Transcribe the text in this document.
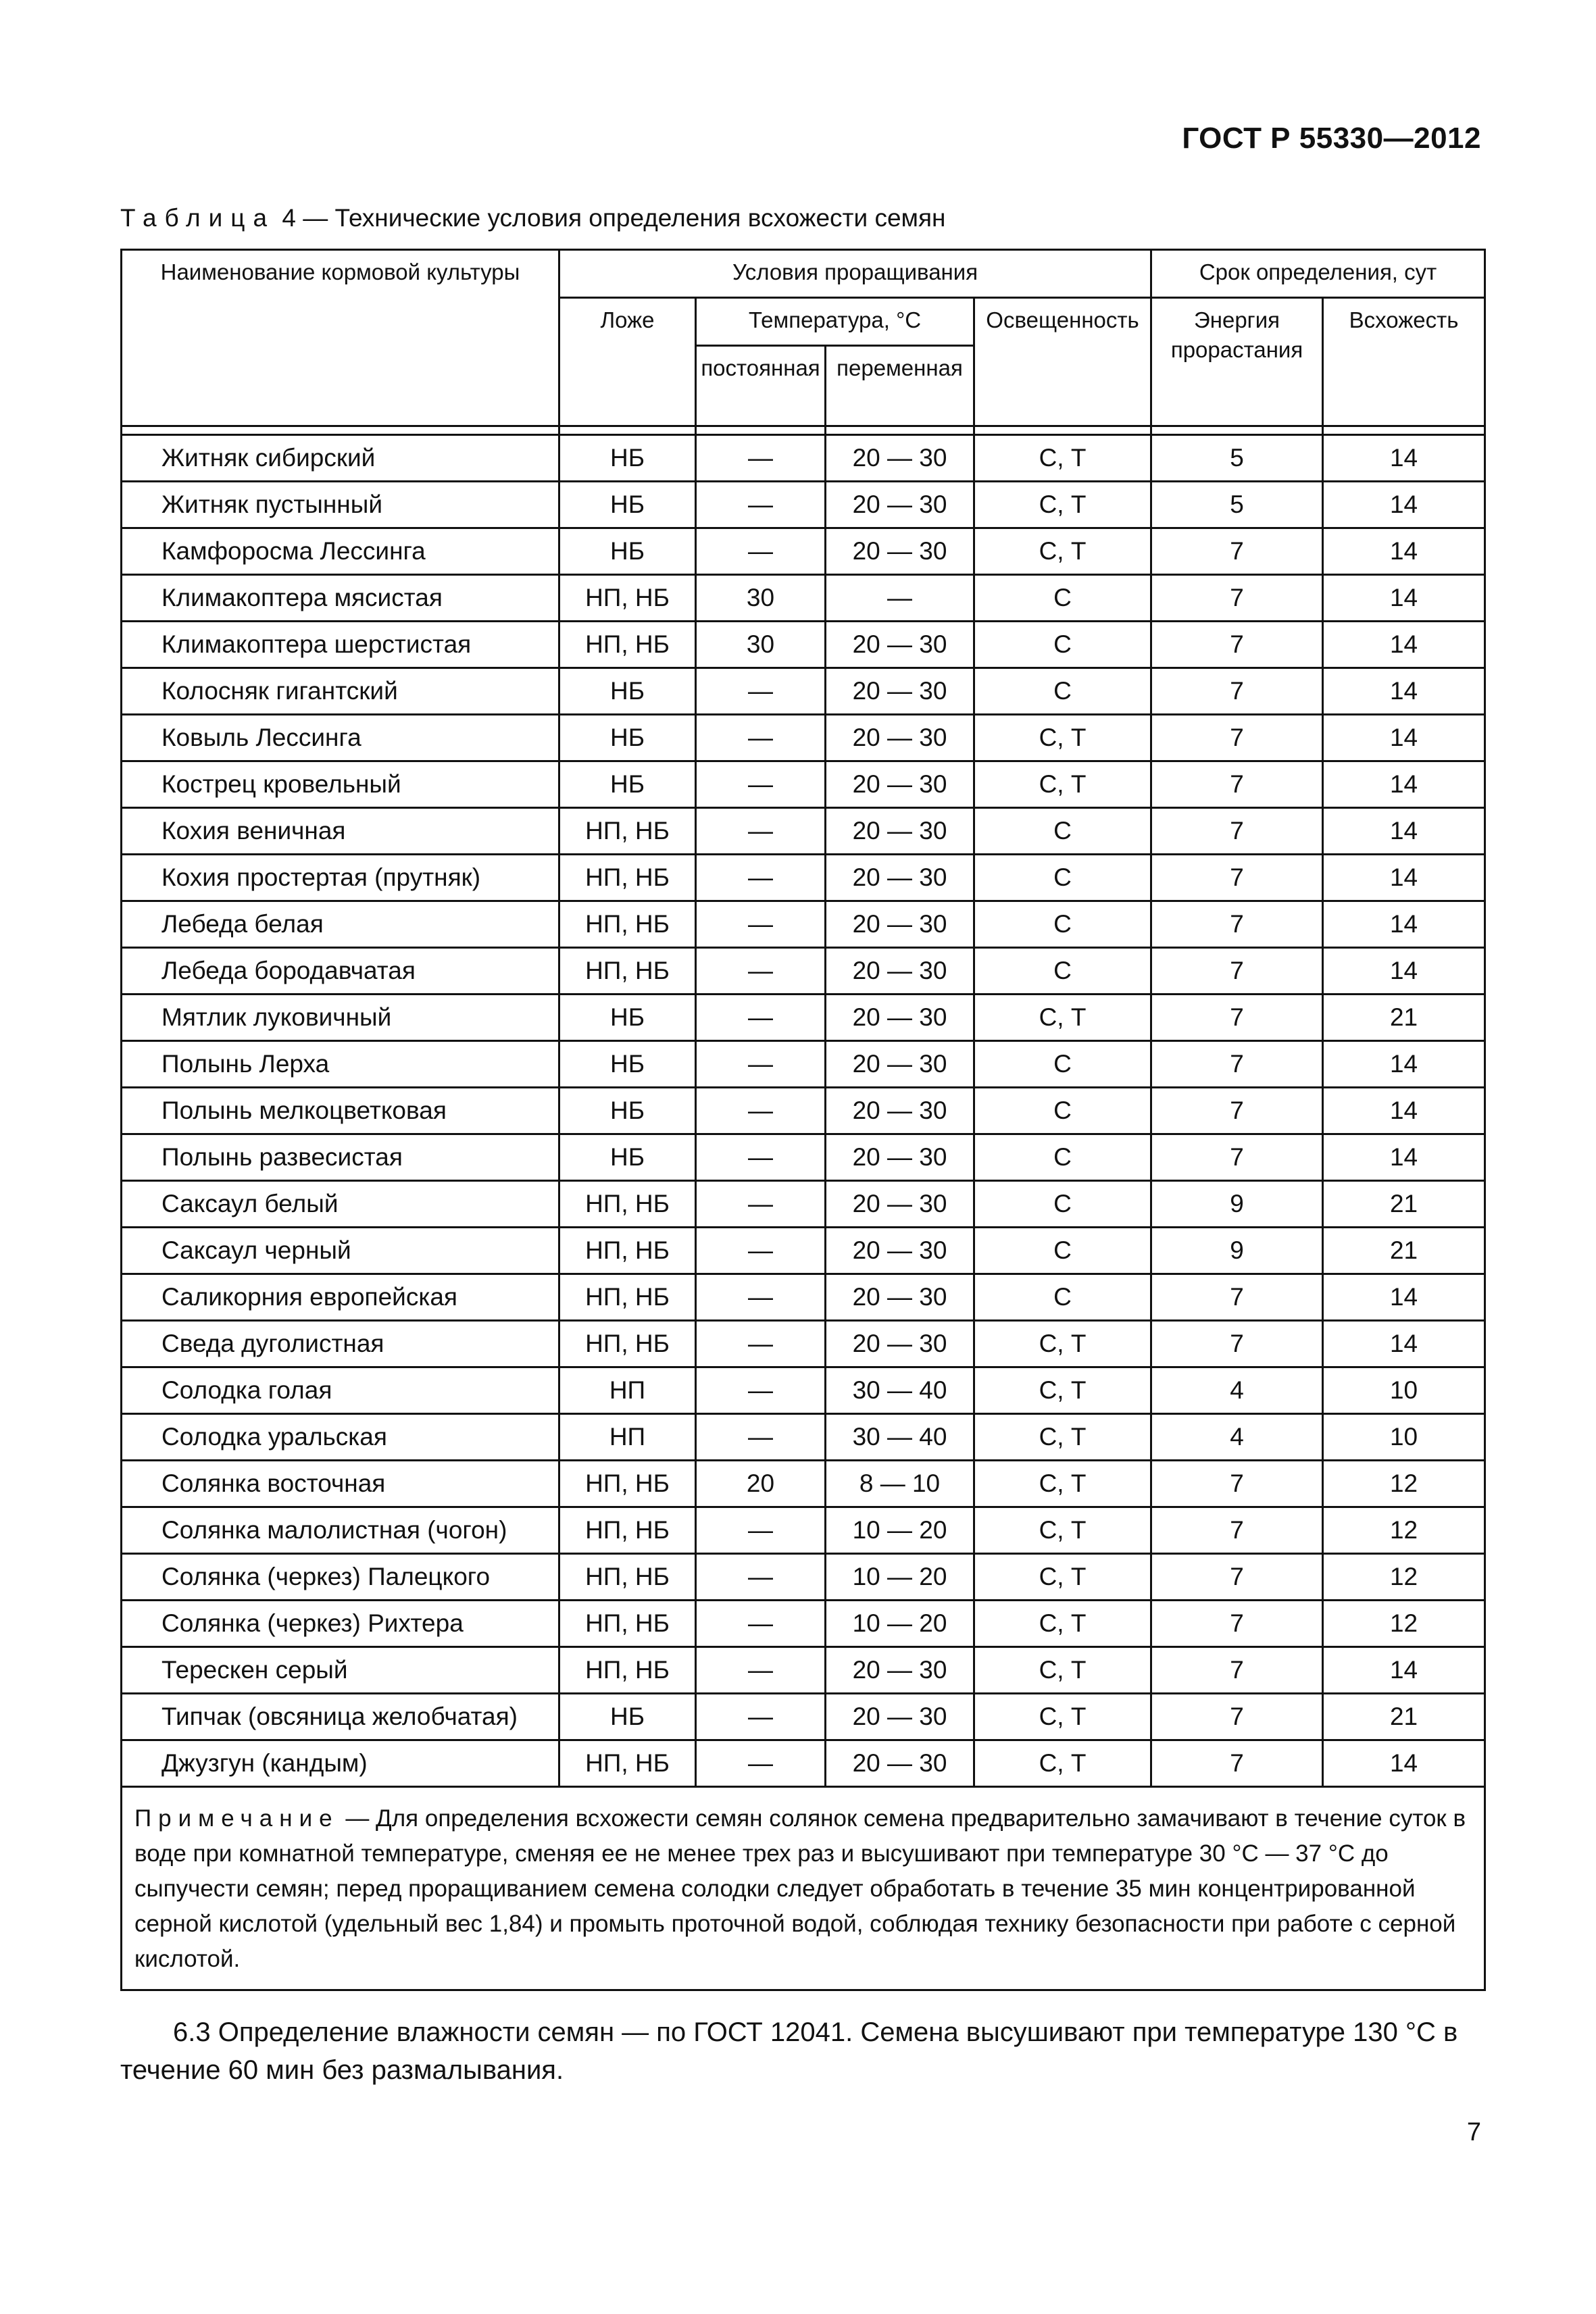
ГОСТ Р 55330—2012
Таблица 4 — Технические условия определения всхожести семян
Наименование кормовой культуры	Условия проращивания				Срок определения, сут	
	Ложе	Температура, °С		Освещенность	Энергия прорастания	Всхожесть
		постоянная	переменная			

Житняк сибирский	НБ	—	20 — 30	С, Т	5	14
Житняк пустынный	НБ	—	20 — 30	С, Т	5	14
Камфоросма Лессинга	НБ	—	20 — 30	С, Т	7	14
Климакоптера мясистая	НП, НБ	30	—	С	7	14
Климакоптера шерстистая	НП, НБ	30	20 — 30	С	7	14
Колосняк гигантский	НБ	—	20 — 30	С	7	14
Ковыль Лессинга	НБ	—	20 — 30	С, Т	7	14
Кострец кровельный	НБ	—	20 — 30	С, Т	7	14
Кохия веничная	НП, НБ	—	20 — 30	С	7	14
Кохия простертая (прутняк)	НП, НБ	—	20 — 30	С	7	14
Лебеда белая	НП, НБ	—	20 — 30	С	7	14
Лебеда бородавчатая	НП, НБ	—	20 — 30	С	7	14
Мятлик луковичный	НБ	—	20 — 30	С, Т	7	21
Полынь Лерха	НБ	—	20 — 30	С	7	14
Полынь мелкоцветковая	НБ	—	20 — 30	С	7	14
Полынь развесистая	НБ	—	20 — 30	С	7	14
Саксаул белый	НП, НБ	—	20 — 30	С	9	21
Саксаул черный	НП, НБ	—	20 — 30	С	9	21
Саликорния европейская	НП, НБ	—	20 — 30	С	7	14
Сведа дуголистная	НП, НБ	—	20 — 30	С, Т	7	14
Солодка голая	НП	—	30 — 40	С, Т	4	10
Солодка уральская	НП	—	30 — 40	С, Т	4	10
Солянка восточная	НП, НБ	20	8 — 10	С, Т	7	12
Солянка малолистная (чогон)	НП, НБ	—	10 — 20	С, Т	7	12
Солянка (черкез) Палецкого	НП, НБ	—	10 — 20	С, Т	7	12
Солянка (черкез) Рихтера	НП, НБ	—	10 — 20	С, Т	7	12
Терескен серый	НП, НБ	—	20 — 30	С, Т	7	14
Типчак (овсяница желобчатая)	НБ	—	20 — 30	С, Т	7	21
Джузгун (кандым)	НП, НБ	—	20 — 30	С, Т	7	14
Примечание — Для определения всхожести семян солянок семена предварительно замачивают в течение суток в воде при комнатной температуре, сменяя ее не менее трех раз и высушивают при температуре 30 °С — 37 °С до сыпучести семян; перед проращиванием семена солодки следует обработать в течение 35 мин концентрированной серной кислотой (удельный вес 1,84) и промыть проточной водой, соблюдая технику безопасности при работе с серной кислотой.						
6.3 Определение влажности семян — по ГОСТ 12041. Семена высушивают при температуре 130 °С в течение 60 мин без размалывания.
7
